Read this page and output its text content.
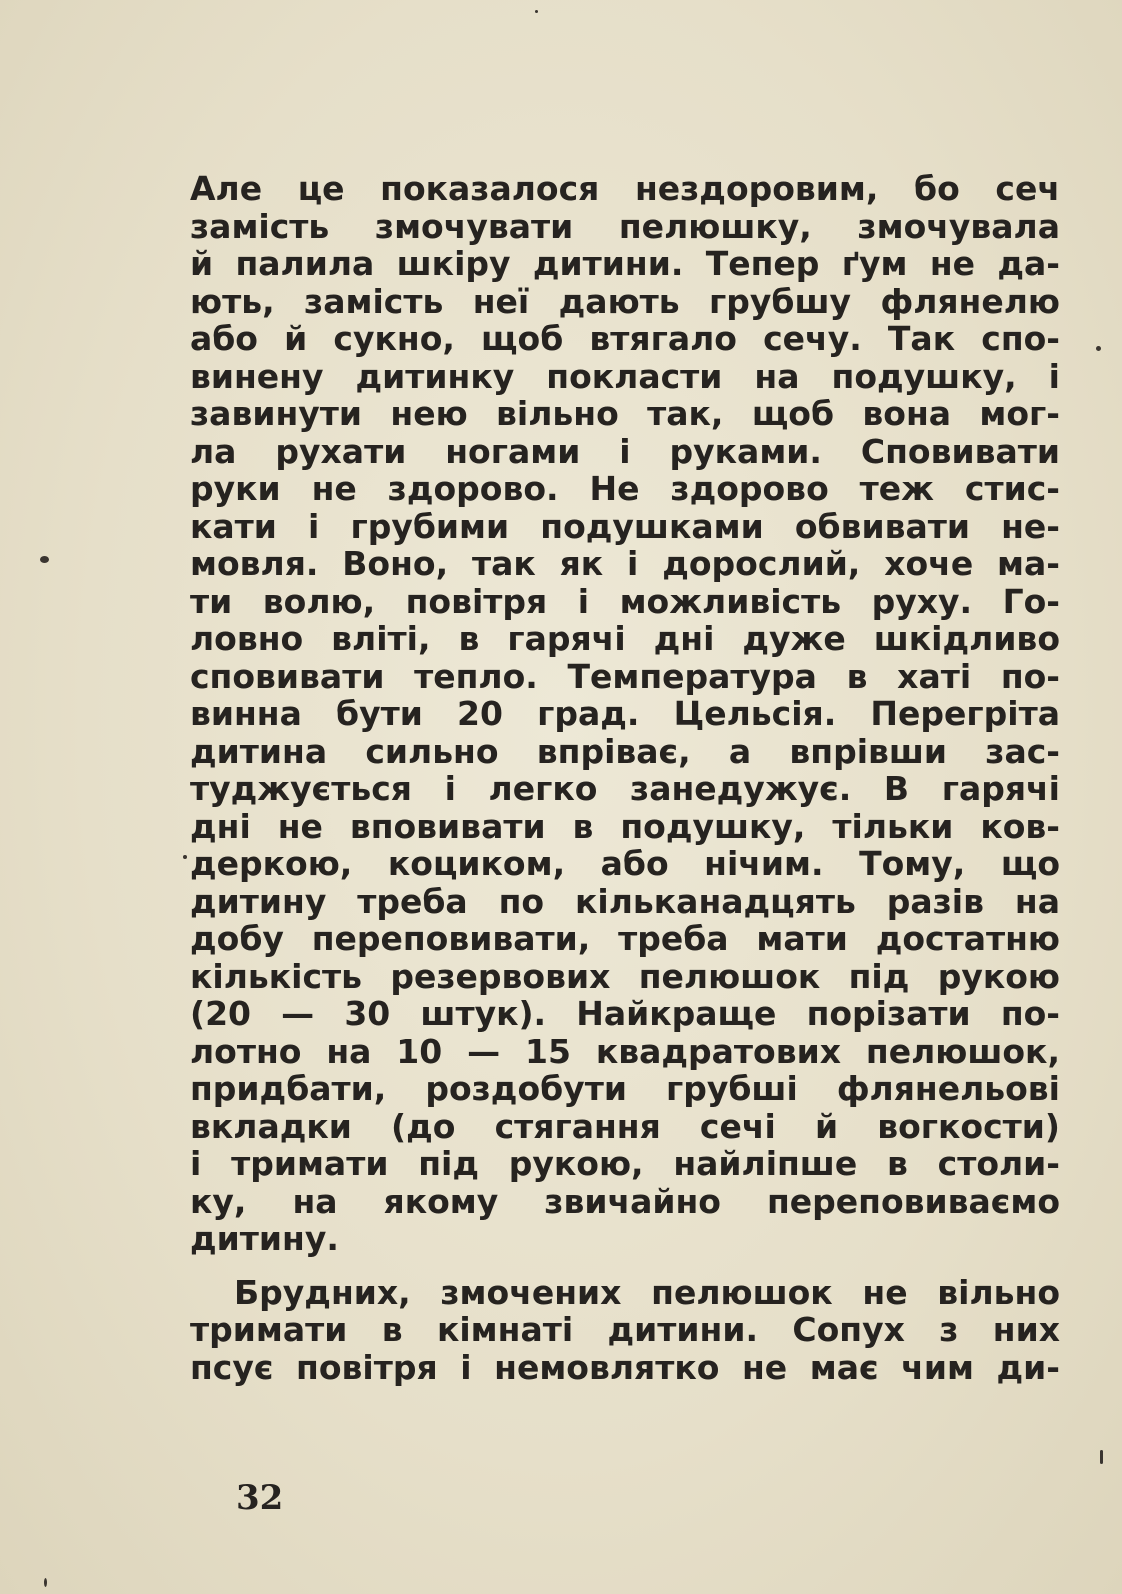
Але це показалося нездоровим, бо сеч
замість змочувати пелюшку, змочувала
й палила шкіру дитини. Тепер ґум не да-
ють, замість неї дають грубшу флянелю
або й сукно, щоб втягало сечу. Так спо-
винену дитинку покласти на подушку, і
завинути нею вільно так, щоб вона мог-
ла рухати ногами і руками. Сповивати
руки не здорово. Не здорово теж стис-
кати і грубими подушками обвивати не-
мовля. Воно, так як і дорослий, хоче ма-
ти волю, повітря і можливість руху. Го-
ловно вліті, в гарячі дні дуже шкідливо
сповивати тепло. Температура в хаті по-
винна бути 20 град. Цельсія. Перегріта
дитина сильно впріває, а впрівши зас-
туджується і легко занедужує. В гарячі
дні не вповивати в подушку, тільки ков-
деркою, коциком, або нічим. Тому, що
дитину треба по кільканадцять разів на
добу переповивати, треба мати достатню
кількість резервових пелюшок під рукою
(20 — 30 штук). Найкраще порізати по-
лотно на 10 — 15 квадратових пелюшок,
придбати, роздобути грубші флянельові
вкладки (до стягання сечі й вогкости)
і тримати під рукою, найліпше в столи-
ку, на якому звичайно переповиваємо
дитину.

Брудних, змочених пелюшок не вільно
тримати в кімнаті дитини. Сопух з них
псує повітря і немовлятко не має чим ди-

32
